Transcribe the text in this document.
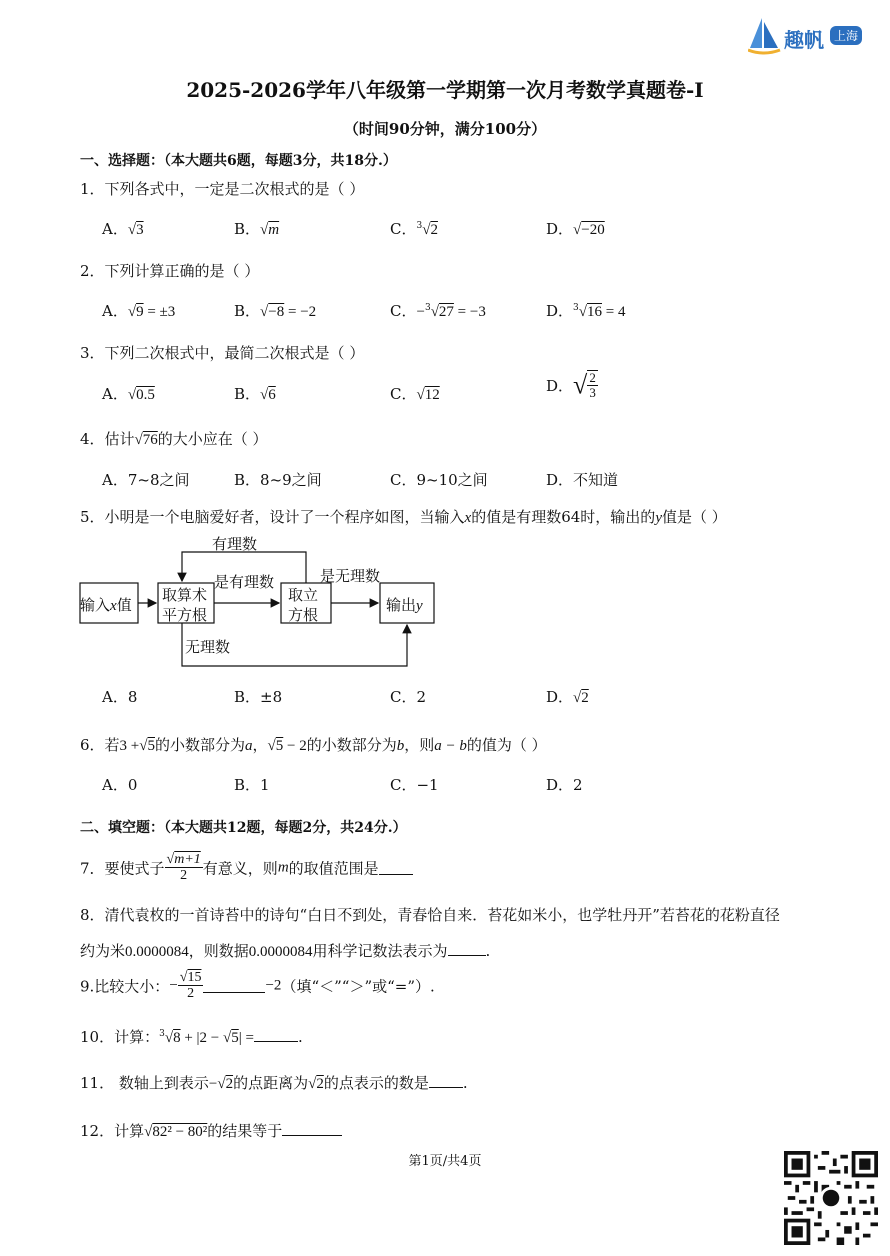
趣帆 上海
2025-2026学年八年级第一学期第一次月考数学真题卷-Ⅰ
（时间90分钟，满分100分）
一、选择题：（本大题共6题，每题3分，共18分.）
1．下列各式中，一定是二次根式的是（ ）
A．√3	B．√m	C．$^3$√2	D．√−20
2．下列计算正确的是（ ）
A．√9 = ±3	B．√−8 = −2	C．−$^3$√27 = −3	D．$^3$√16 = 4
3．下列二次根式中，最简二次根式是（ ）
A．√0.5	B．√6	C．√12
D．√ $\frac{2}{3}$
4．估计√76的大小应在（ ）
A．7~8之间	B．8~9之间	C．9~10之间	D．不知道
5．小明是一个电脑爱好者，设计了一个程序如图，当输入x的值是有理数64时，输出的y值是（ ）
输入x值
取算术
平方根
取立
方根
输出y
有理数
是有理数	是无理数
无理数
A．8	B．±8	C．2	D．√2
6．若3 +√5的小数部分为a，√5 − 2的小数部分为b，则a − b的值为（ ）
A．0	B．1	C．−1	D．2
二、填空题：（本大题共12题，每题2分，共24分.）
7．要使式子 $\frac{√m+1}{2}$ 有意义，则m的取值范围是
8．清代袁枚的一首诗苔中的诗句“白日不到处，青春恰自来．苔花如米小，也学牡丹开”若苔花的花粉直径
约为米0.0000084，则数据0.0000084用科学记数法表示为	.
9.比较大小：− $\frac{√15}{2}$	−2（填“＜”“＞”或“=”）.
10．计算：$^3$√8 + |2 − √5| =	.
11． 数轴上到表示−√2的点距离为√2的点表示的数是 .
12．计算√82² − 80²的结果等于
第1页/共4页
